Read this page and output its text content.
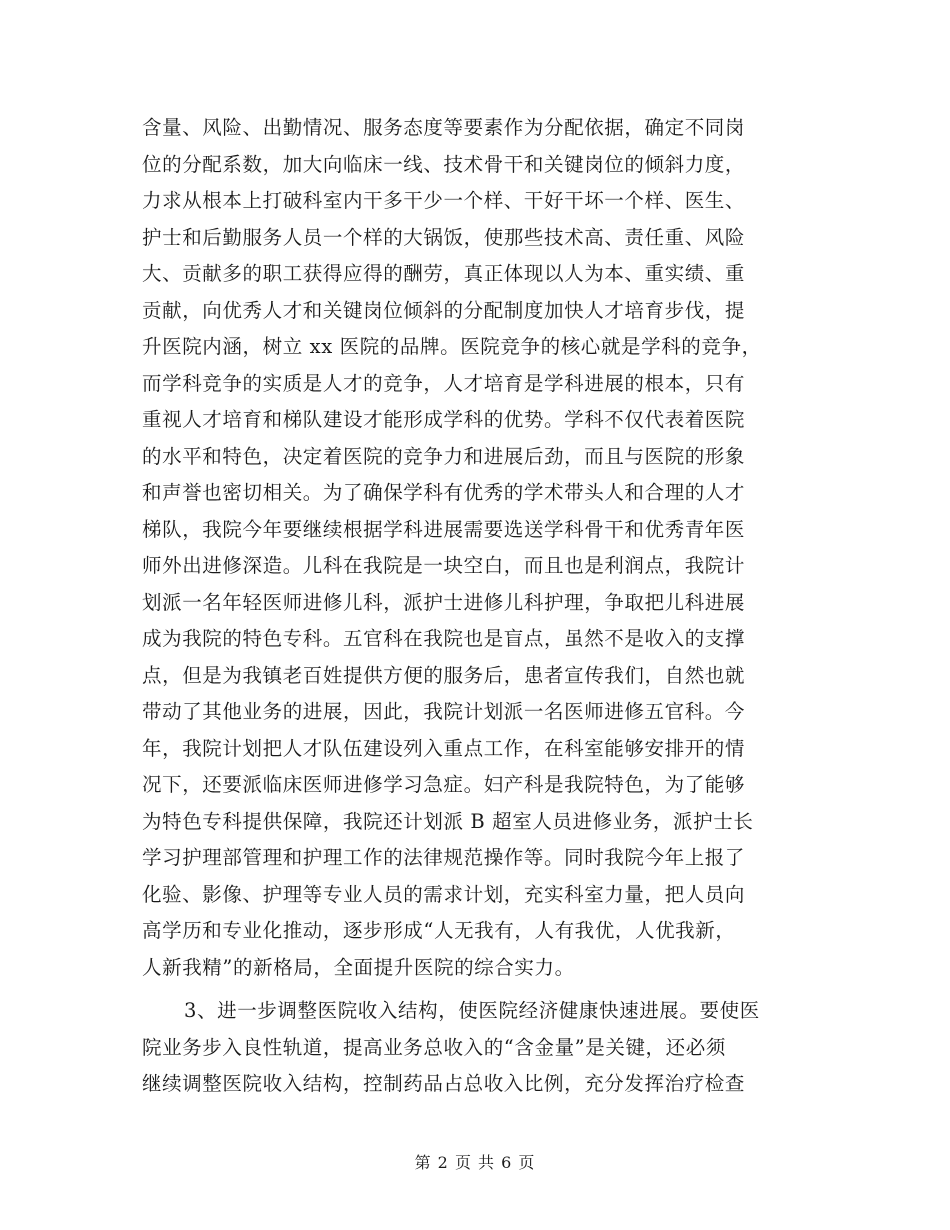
含量、风险、出勤情况、服务态度等要素作为分配依据，确定不同岗
位的分配系数，加大向临床一线、技术骨干和关键岗位的倾斜力度，
力求从根本上打破科室内干多干少一个样、干好干坏一个样、医生、
护士和后勤服务人员一个样的大锅饭，使那些技术高、责任重、风险
大、贡献多的职工获得应得的酬劳，真正体现以人为本、重实绩、重
贡献，向优秀人才和关键岗位倾斜的分配制度加快人才培育步伐，提
升医院内涵，树立 xx 医院的品牌。医院竞争的核心就是学科的竞争，
而学科竞争的实质是人才的竞争，人才培育是学科进展的根本，只有
重视人才培育和梯队建设才能形成学科的优势。学科不仅代表着医院
的水平和特色，决定着医院的竞争力和进展后劲，而且与医院的形象
和声誉也密切相关。为了确保学科有优秀的学术带头人和合理的人才
梯队，我院今年要继续根据学科进展需要选送学科骨干和优秀青年医
师外出进修深造。儿科在我院是一块空白，而且也是利润点，我院计
划派一名年轻医师进修儿科，派护士进修儿科护理，争取把儿科进展
成为我院的特色专科。五官科在我院也是盲点，虽然不是收入的支撑
点，但是为我镇老百姓提供方便的服务后，患者宣传我们，自然也就
带动了其他业务的进展，因此，我院计划派一名医师进修五官科。今
年，我院计划把人才队伍建设列入重点工作，在科室能够安排开的情
况下，还要派临床医师进修学习急症。妇产科是我院特色，为了能够
为特色专科提供保障，我院还计划派 B 超室人员进修业务，派护士长
学习护理部管理和护理工作的法律规范操作等。同时我院今年上报了
化验、影像、护理等专业人员的需求计划，充实科室力量，把人员向
高学历和专业化推动，逐步形成“人无我有，人有我优，人优我新，
人新我精”的新格局，全面提升医院的综合实力。
3、进一步调整医院收入结构，使医院经济健康快速进展。要使医
院业务步入良性轨道，提高业务总收入的“含金量”是关键，还必须
继续调整医院收入结构，控制药品占总收入比例，充分发挥治疗检查
第 2 页 共 6 页
